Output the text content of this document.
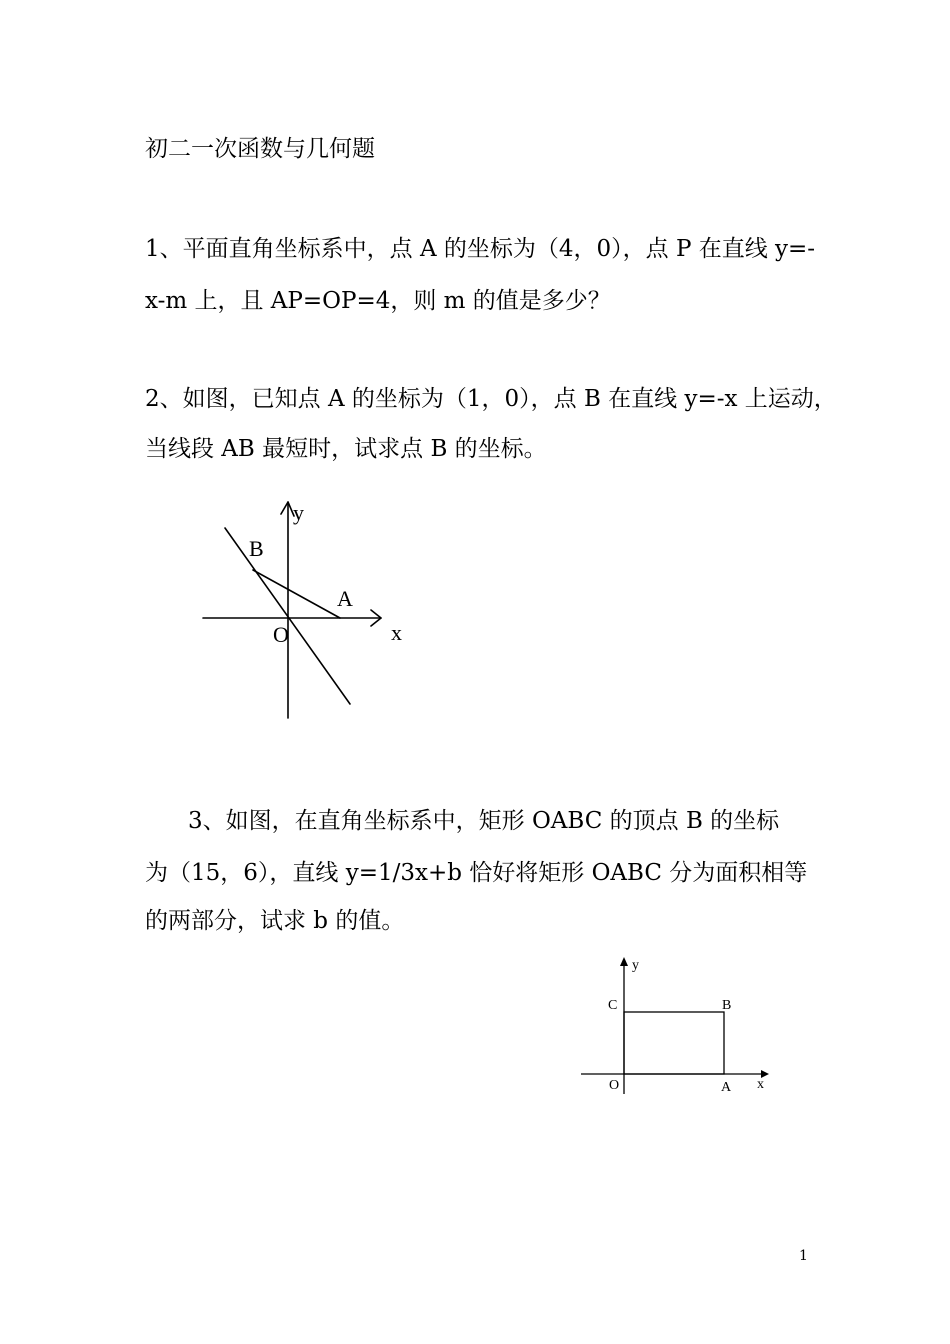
初二一次函数与几何题
1、平面直角坐标系中，点 A 的坐标为（4，0），点 P 在直线 y=-
x-m 上，且 AP=OP=4，则 m 的值是多少？
2、如图，已知点 A 的坐标为（1，0），点 B 在直线 y=-x 上运动，
当线段 AB 最短时，试求点 B 的坐标。
y
x
O
A
B
3、如图，在直角坐标系中，矩形 OABC 的顶点 B 的坐标
为（15，6），直线 y=1/3x+b 恰好将矩形 OABC 分为面积相等
的两部分，试求 b 的值。
y
C	B
O	A x
1
